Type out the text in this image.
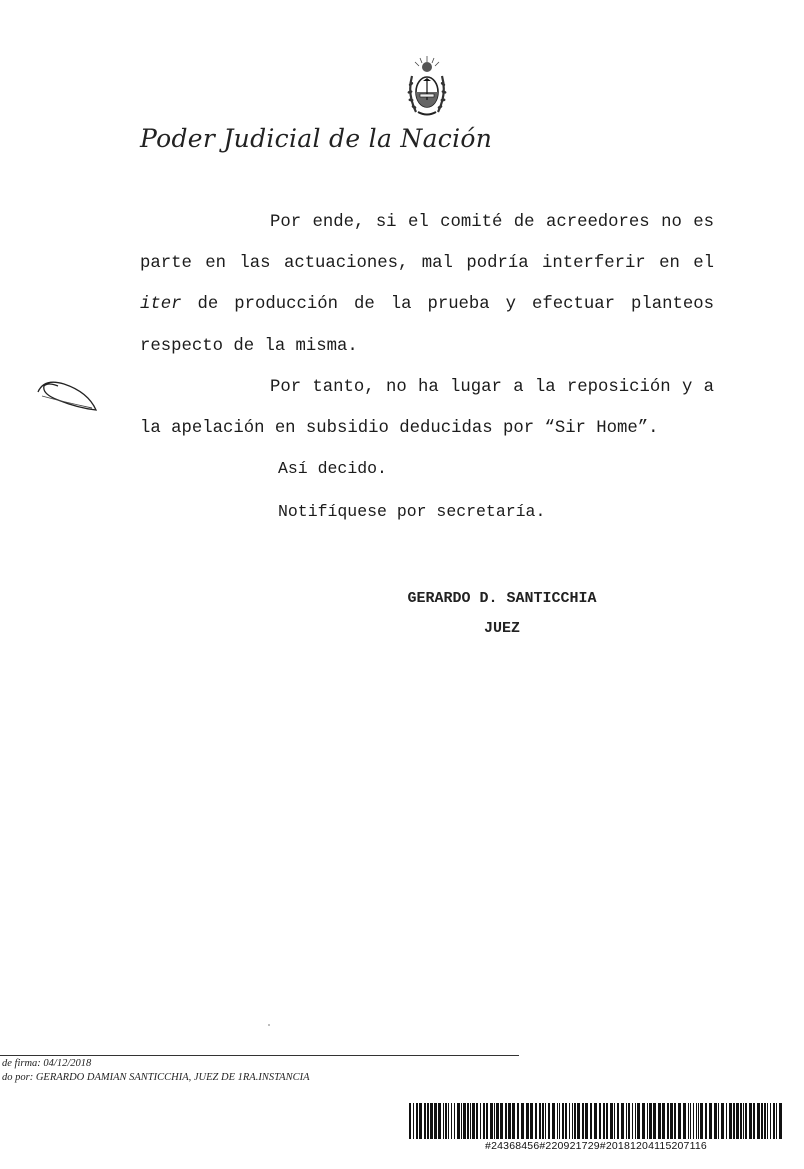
Poder Judicial de la Nación

Por ende, si el comité de acreedores no es parte en las actuaciones, mal podría interferir en el iter de producción de la prueba y efectuar planteos respecto de la misma.

Por tanto, no ha lugar a la reposición y a la apelación en subsidio deducidas por “Sir Home”.

Así decido.
Notifíquese por secretaría.
GERARDO D. SANTICCHIA
JUEZ
de firma: 04/12/2018
do por: GERARDO DAMIAN SANTICCHIA, JUEZ DE 1RA.INSTANCIA
#24368456#220921729#20181204115207116
